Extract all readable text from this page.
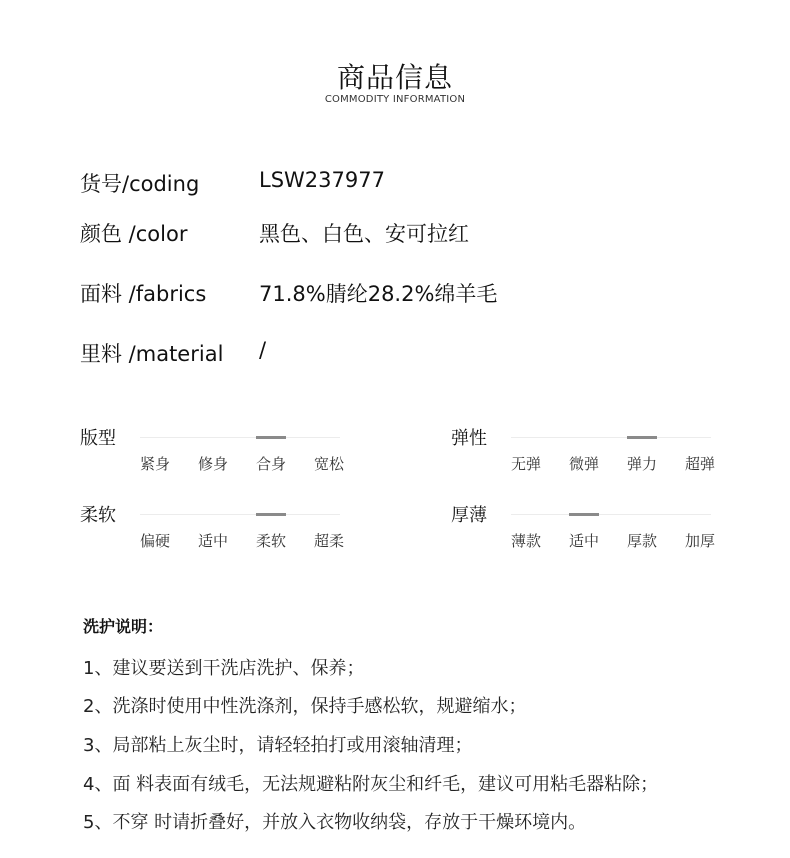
商品信息
COMMODITY INFORMATION
货号/coding	LSW237977
颜色 /color	黑色、白色、安可拉红
面料 /fabrics	71.8%腈纶28.2%绵羊毛
里料 /material /
版型
紧身	修身	合身	宽松
弹性
无弹	微弹	弹力	超弹
柔软
偏硬	适中	柔软	超柔
厚薄
薄款	适中	厚款	加厚
洗护说明：
1、建议要送到干洗店洗护、保养；
2、洗涤时使用中性洗涤剂，保持手感松软，规避缩水；
3、局部粘上灰尘时，请轻轻拍打或用滚轴清理；
4、面 料表面有绒毛，无法规避粘附灰尘和纤毛，建议可用粘毛器粘除；
5、不穿 时请折叠好，并放入衣物收纳袋，存放于干燥环境内。
